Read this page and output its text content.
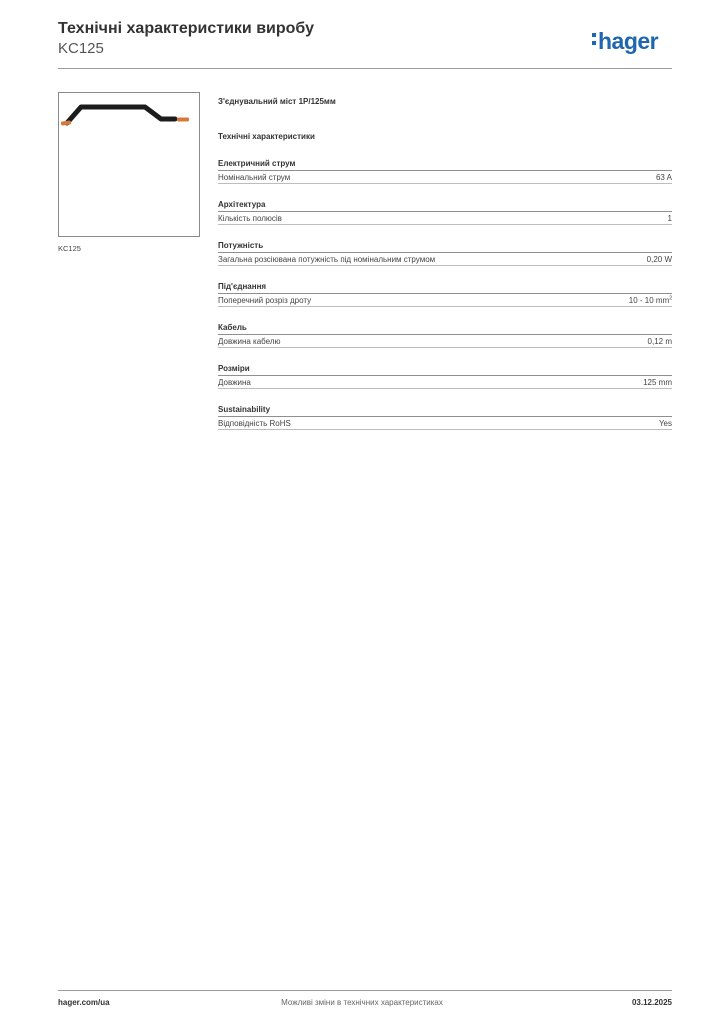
Технічні характеристики виробу
KC125	hager
KC125
З'єднувальний міст 1P/125мм
Технічні характеристики
Електричний струм
Номінальний струм	63 A
Архітектура
Кількість полюсів	1
Потужність
Загальна розсіювана потужність під номінальним струмом	0,20 W
Під'єднання
Поперечний розріз дроту	10 - 10 $mm^2$
Кабель
Довжина кабелю	0,12 m
Розміри
Довжина	125 mm
Sustainability
Відповідність RoHS	Yes
hager.com/ua	Можливі зміни в технічних характеристиках	03.12.2025
